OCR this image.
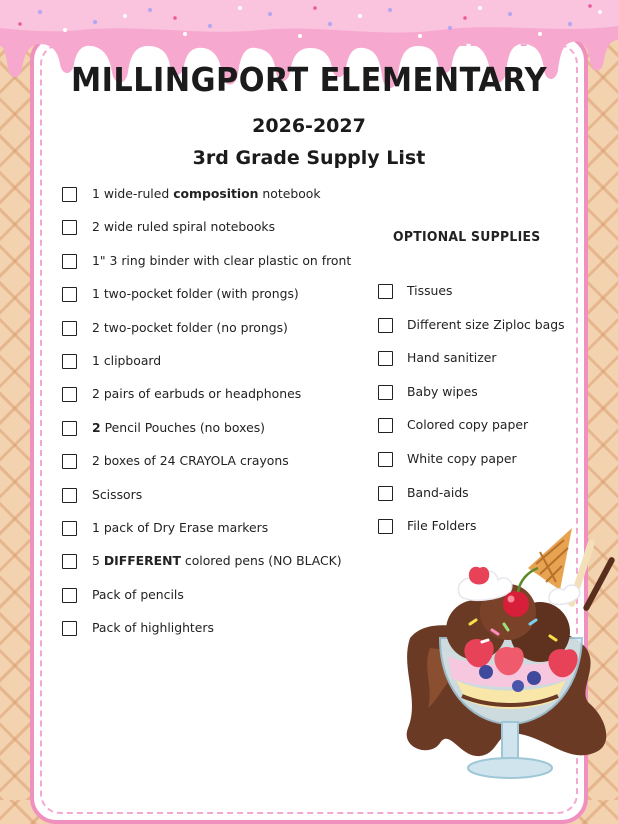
MILLINGPORT ELEMENTARY
2026-2027
3rd Grade Supply List
1 wide-ruled composition notebook
2 wide ruled spiral notebooks
1" 3 ring binder with clear plastic on front
1 two-pocket folder (with prongs)
2 two-pocket folder (no prongs)
1 clipboard
2 pairs of earbuds or headphones
2 Pencil Pouches (no boxes)
2 boxes of 24 CRAYOLA crayons
Scissors
1 pack of Dry Erase markers
5 DIFFERENT colored pens (NO BLACK)
Pack of pencils
Pack of highlighters
OPTIONAL SUPPLIES
Tissues
Different size Ziploc bags
Hand sanitizer
Baby wipes
Colored copy paper
White copy paper
Band-aids
File Folders
